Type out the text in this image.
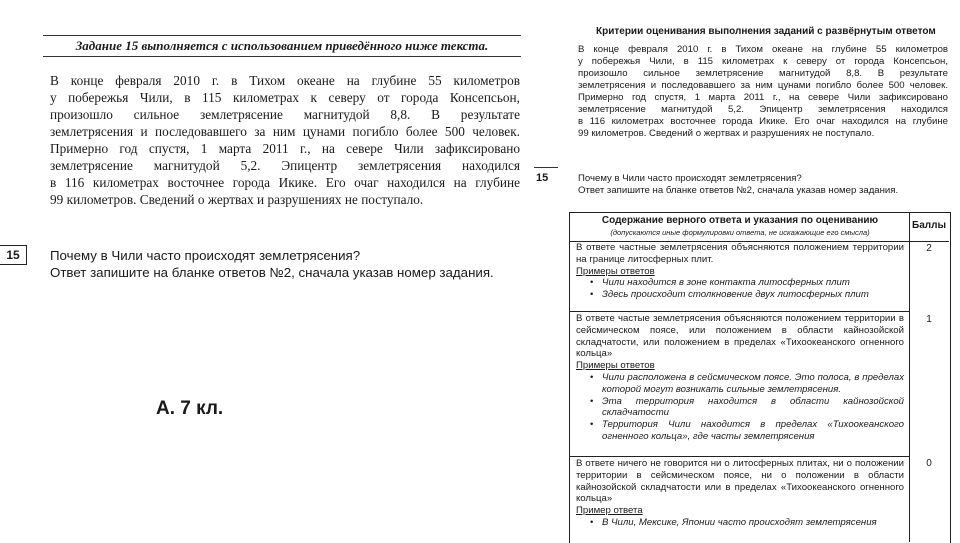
Задание 15 выполняется с использованием приведённого ниже текста.

В конце февраля 2010 г. в Тихом океане на глубине 55 километров
у побережья Чили, в 115 километрах к северу от города Консепсьон,
произошло сильное землетрясение магнитудой 8,8. В результате
землетрясения и последовавшего за ним цунами погибло более 500 человек.
Примерно год спустя, 1 марта 2011 г., на севере Чили зафиксировано
землетрясение магнитудой 5,2. Эпицентр землетрясения находился
в 116 километрах восточнее города Икике. Его очаг находился на глубине
99 километров. Сведений о жертвах и разрушениях не поступало.

15	Почему в Чили часто происходят землетрясения?
Ответ запишите на бланке ответов №2, сначала указав номер задания.

А. 7 кл.
15
Критерии оценивания выполнения заданий с развёрнутым ответом

В конце февраля 2010 г. в Тихом океане на глубине 55 километров
у побережья Чили, в 115 километрах к северу от города Консепсьон,
произошло сильное землетрясение магнитудой 8,8. В результате
землетрясения и последовавшего за ним цунами погибло более 500 человек.
Примерно год спустя, 1 марта 2011 г., на севере Чили зафиксировано
землетрясение магнитудой 5,2. Эпицентр землетрясения находился
в 116 километрах восточнее города Икике. Его очаг находился на глубине
99 километров. Сведений о жертвах и разрушениях не поступало.

Почему в Чили часто происходят землетрясения?
Ответ запишите на бланке ответов №2, сначала указав номер задания.

Содержание верного ответа и указания по оцениванию
(допускаются иные формулировки ответа, не искажающие его смысла)
Баллы
В ответе частные землетрясения объясняются положением территории на границе литосферных плит.
Примеры ответов
• Чили находится в зоне контакта литосферных плит
• Здесь происходит столкновение двух литосферных плит
2
В ответе частые землетрясения объясняются положением территории в сейсмическом поясе, или положением в области кайнозойской складчатости, или положением в пределах «Тихоокеанского огненного кольца»
Примеры ответов
• Чили расположена в сейсмическом поясе. Это полоса, в пределах которой могут возникать сильные землетрясения.
• Эта территория находится в области кайнозойской складчатости
• Территория Чили находится в пределах «Тихоокеанского огненного кольца», где часты землетрясения
1
В ответе ничего не говорится ни о литосферных плитах, ни о положении территории в сейсмическом поясе, ни о положении в области кайнозойской складчатости или в пределах «Тихоокеанского огненного кольца»
Пример ответа
• В Чили, Мексике, Японии часто происходят землетрясения
0
